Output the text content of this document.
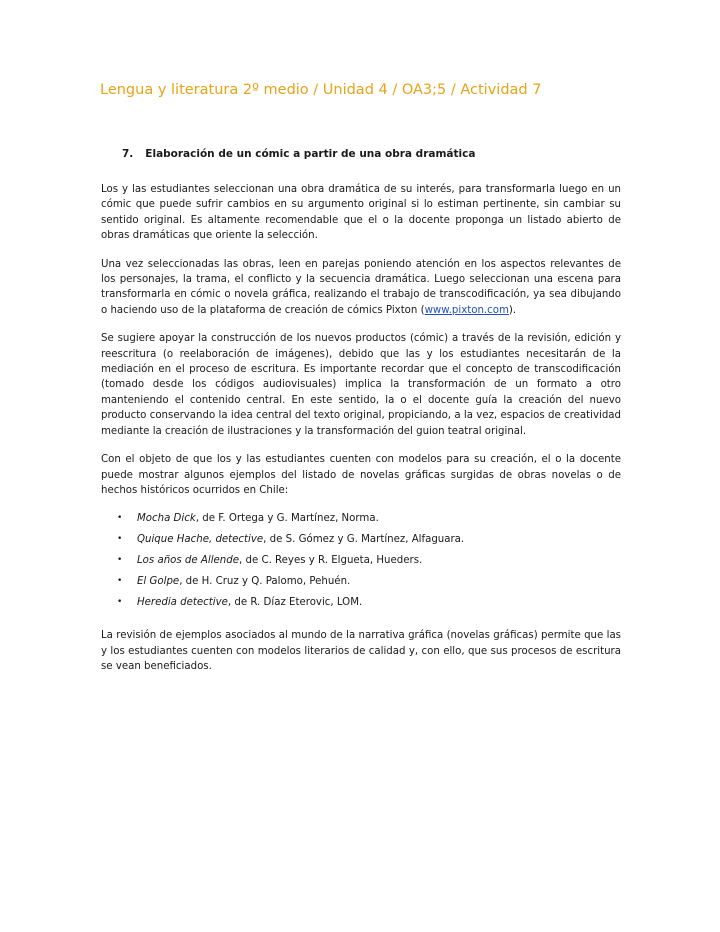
Lengua y literatura 2º medio / Unidad 4 / OA3;5 / Actividad 7
7. Elaboración de un cómic a partir de una obra dramática

Los y las estudiantes seleccionan una obra dramática de su interés, para transformarla luego en un cómic que puede sufrir cambios en su argumento original si lo estiman pertinente, sin cambiar su sentido original. Es altamente recomendable que el o la docente proponga un listado abierto de obras dramáticas que oriente la selección.

Una vez seleccionadas las obras, leen en parejas poniendo atención en los aspectos relevantes de los personajes, la trama, el conflicto y la secuencia dramática. Luego seleccionan una escena para transformarla en cómic o novela gráfica, realizando el trabajo de transcodificación, ya sea dibujando o haciendo uso de la plataforma de creación de cómics Pixton (www.pixton.com).

Se sugiere apoyar la construcción de los nuevos productos (cómic) a través de la revisión, edición y reescritura (o reelaboración de imágenes), debido que las y los estudiantes necesitarán de la mediación en el proceso de escritura. Es importante recordar que el concepto de transcodificación (tomado desde los códigos audiovisuales) implica la transformación de un formato a otro manteniendo el contenido central. En este sentido, la o el docente guía la creación del nuevo producto conservando la idea central del texto original, propiciando, a la vez, espacios de creatividad mediante la creación de ilustraciones y la transformación del guion teatral original.

Con el objeto de que los y las estudiantes cuenten con modelos para su creación, el o la docente puede mostrar algunos ejemplos del listado de novelas gráficas surgidas de obras novelas o de hechos históricos ocurridos en Chile:

• Mocha Dick, de F. Ortega y G. Martínez, Norma.
• Quique Hache, detective, de S. Gómez y G. Martínez, Alfaguara.
• Los años de Allende, de C. Reyes y R. Elgueta, Hueders.
• El Golpe, de H. Cruz y Q. Palomo, Pehuén.
• Heredia detective, de R. Díaz Eterovic, LOM.

La revisión de ejemplos asociados al mundo de la narrativa gráfica (novelas gráficas) permite que las y los estudiantes cuenten con modelos literarios de calidad y, con ello, que sus procesos de escritura se vean beneficiados.
